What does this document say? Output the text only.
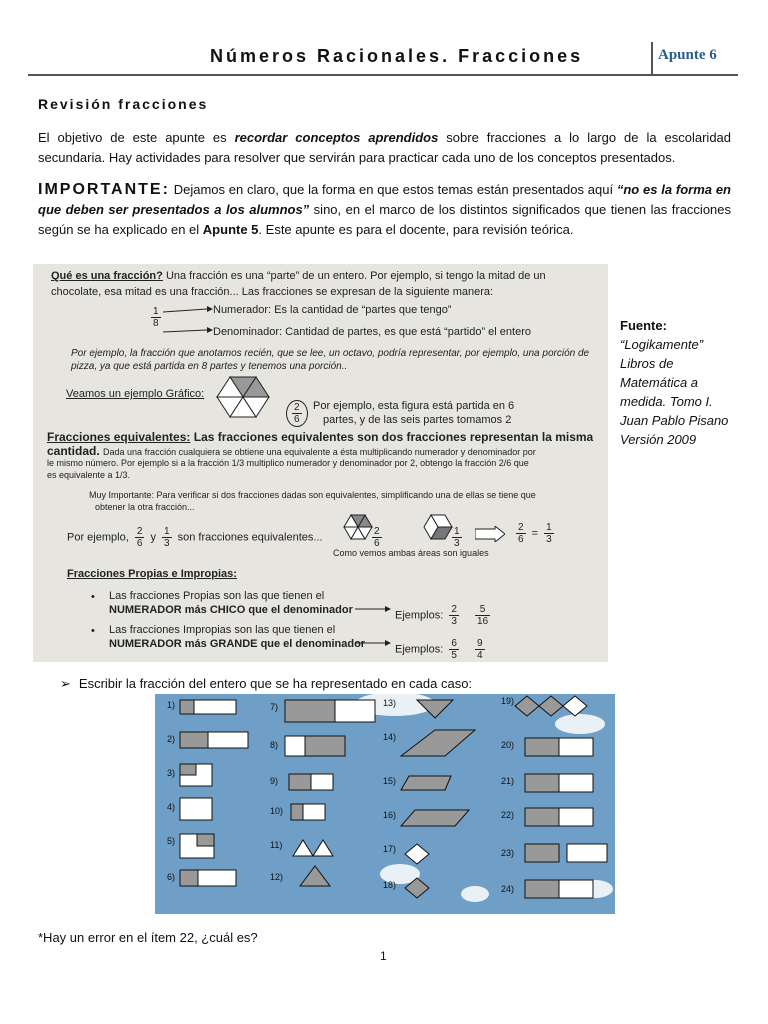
Números Racionales. Fracciones	Apunte 6
Revisión fracciones
El objetivo de este apunte es recordar conceptos aprendidos sobre fracciones a lo largo de la escolaridad secundaria. Hay actividades para resolver que servirán para practicar cada uno de los conceptos presentados.
IMPORTANTE: Dejamos en claro, que la forma en que estos temas están presentados aquí “no es la forma en que deben ser presentados a los alumnos” sino, en el marco de los distintos significados que tienen las fracciones según se ha explicado en el Apunte 5. Este apunte es para el docente, para revisión teórica.
Qué es una fracción? Una fracción es una “parte” de un entero. Por ejemplo, si tengo la mitad de un
chocolate, esa mitad es una fracción... Las fracciones se expresan de la siguiente manera:
$\frac{1}{8}$	Numerador: Es la cantidad de “partes que tengo”
Denominador: Cantidad de partes, es que está “partido” el entero
Por ejemplo, la fracción que anotamos recién, que se lee, un octavo, podría representar, por ejemplo, una porción de
pizza, ya que está partida en 8 partes y tenemos una porción..
Veamos un ejemplo Gráfico:
$\frac{2}{6}$ Por ejemplo, esta figura está partida en 6
partes, y de las seis partes tomamos 2
Fracciones equivalentes: Las fracciones equivalentes son dos fracciones representan la misma
cantidad. Dada una fracción cualquiera se obtiene una equivalente a ésta multiplicando numerador y denominador por
le mismo número. Por ejemplo si a la fracción 1/3 multiplico numerador y denominador por 2, obtengo la fracción 2/6 que
es equivalente a 1/3.
Muy Importante: Para verificar si dos fracciones dadas son equivalentes, simplificando una de ellas se tiene que
obtener la otra fracción...
Por ejemplo, $\frac{2}{6}$ y $\frac{1}{3}$ son fracciones equivalentes...	$\frac{2}{6}$	$\frac{1}{3}$	$\frac{2}{6} = \frac{1}{3}$
Como vemos ambas áreas son iguales
Fracciones Propias e Impropias:
• Las fracciones Propias son las que tienen el
NUMERADOR más CHICO que el denominador
• Las fracciones Impropias son las que tienen el
NUMERADOR más GRANDE que el denominador
Ejemplos: $\frac{2}{3}$
$\frac{5}{16}$
Ejemplos: $\frac{6}{5}$
$\frac{9}{4}$
Fuente:
“Logikamente”
Libros de
Matemática a
medida. Tomo I.
Juan Pablo Pisano
Versión 2009
➢ Escribir la fracción del entero que se ha representado en cada caso:
1)
2)
3)
4)
5)
6)
7)
8)
9)
10)
11)
12)
13)
14)
15)
16)
17)
18)
19)
20)
21)
22)
23)
24)
*Hay un error en el ítem 22, ¿cuál es?
1
